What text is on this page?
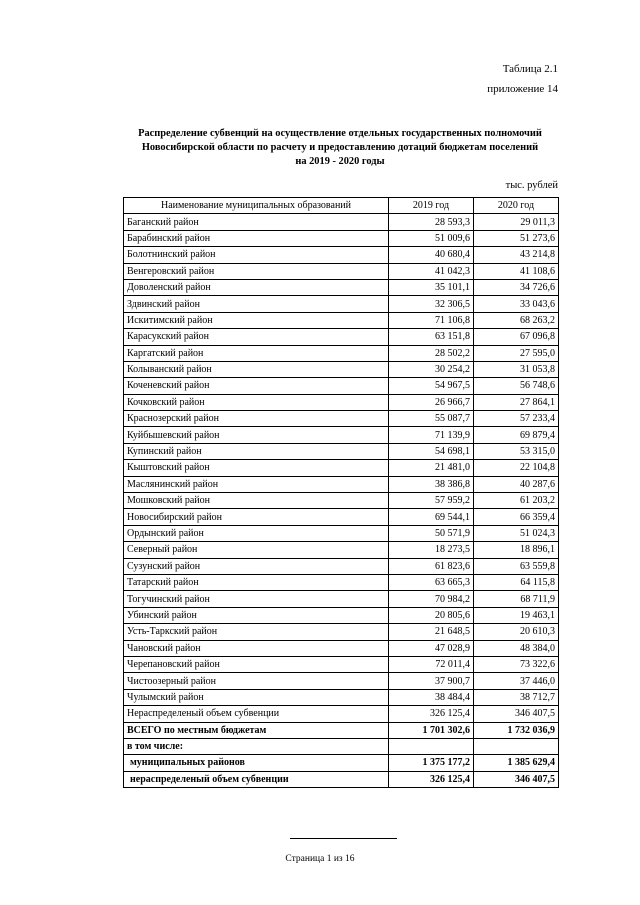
Таблица 2.1
приложение 14
Распределение субвенций на осуществление отдельных государственных полномочий
Новосибирской области по расчету и предоставлению дотаций бюджетам поселений
на 2019 - 2020 годы
тыс. рублей
Наименование муниципальных образований	2019 год	2020 год
Баганский район	28 593,3	29 011,3
Барабинский район	51 009,6	51 273,6
Болотнинский район	40 680,4	43 214,8
Венгеровский район	41 042,3	41 108,6
Доволенский район	35 101,1	34 726,6
Здвинский район	32 306,5	33 043,6
Искитимский район	71 106,8	68 263,2
Карасукский район	63 151,8	67 096,8
Каргатский район	28 502,2	27 595,0
Колыванский район	30 254,2	31 053,8
Коченевский район	54 967,5	56 748,6
Кочковский район	26 966,7	27 864,1
Краснозерский район	55 087,7	57 233,4
Куйбышевский район	71 139,9	69 879,4
Купинский район	54 698,1	53 315,0
Кыштовский район	21 481,0	22 104,8
Маслянинский район	38 386,8	40 287,6
Мошковский район	57 959,2	61 203,2
Новосибирский район	69 544,1	66 359,4
Ордынский район	50 571,9	51 024,3
Северный район	18 273,5	18 896,1
Сузунский район	61 823,6	63 559,8
Татарский район	63 665,3	64 115,8
Тогучинский район	70 984,2	68 711,9
Убинский район	20 805,6	19 463,1
Усть-Таркский район	21 648,5	20 610,3
Чановский район	47 028,9	48 384,0
Черепановский район	72 011,4	73 322,6
Чистоозерный район	37 900,7	37 446,0
Чулымский район	38 484,4	38 712,7
Нераспределеный объем субвенции	326 125,4	346 407,5
ВСЕГО по местным бюджетам	1 701 302,6	1 732 036,9
в том числе:		
муниципальных районов	1 375 177,2	1 385 629,4
нераспределеный объем субвенции	326 125,4	346 407,5
Страница 1 из 16
